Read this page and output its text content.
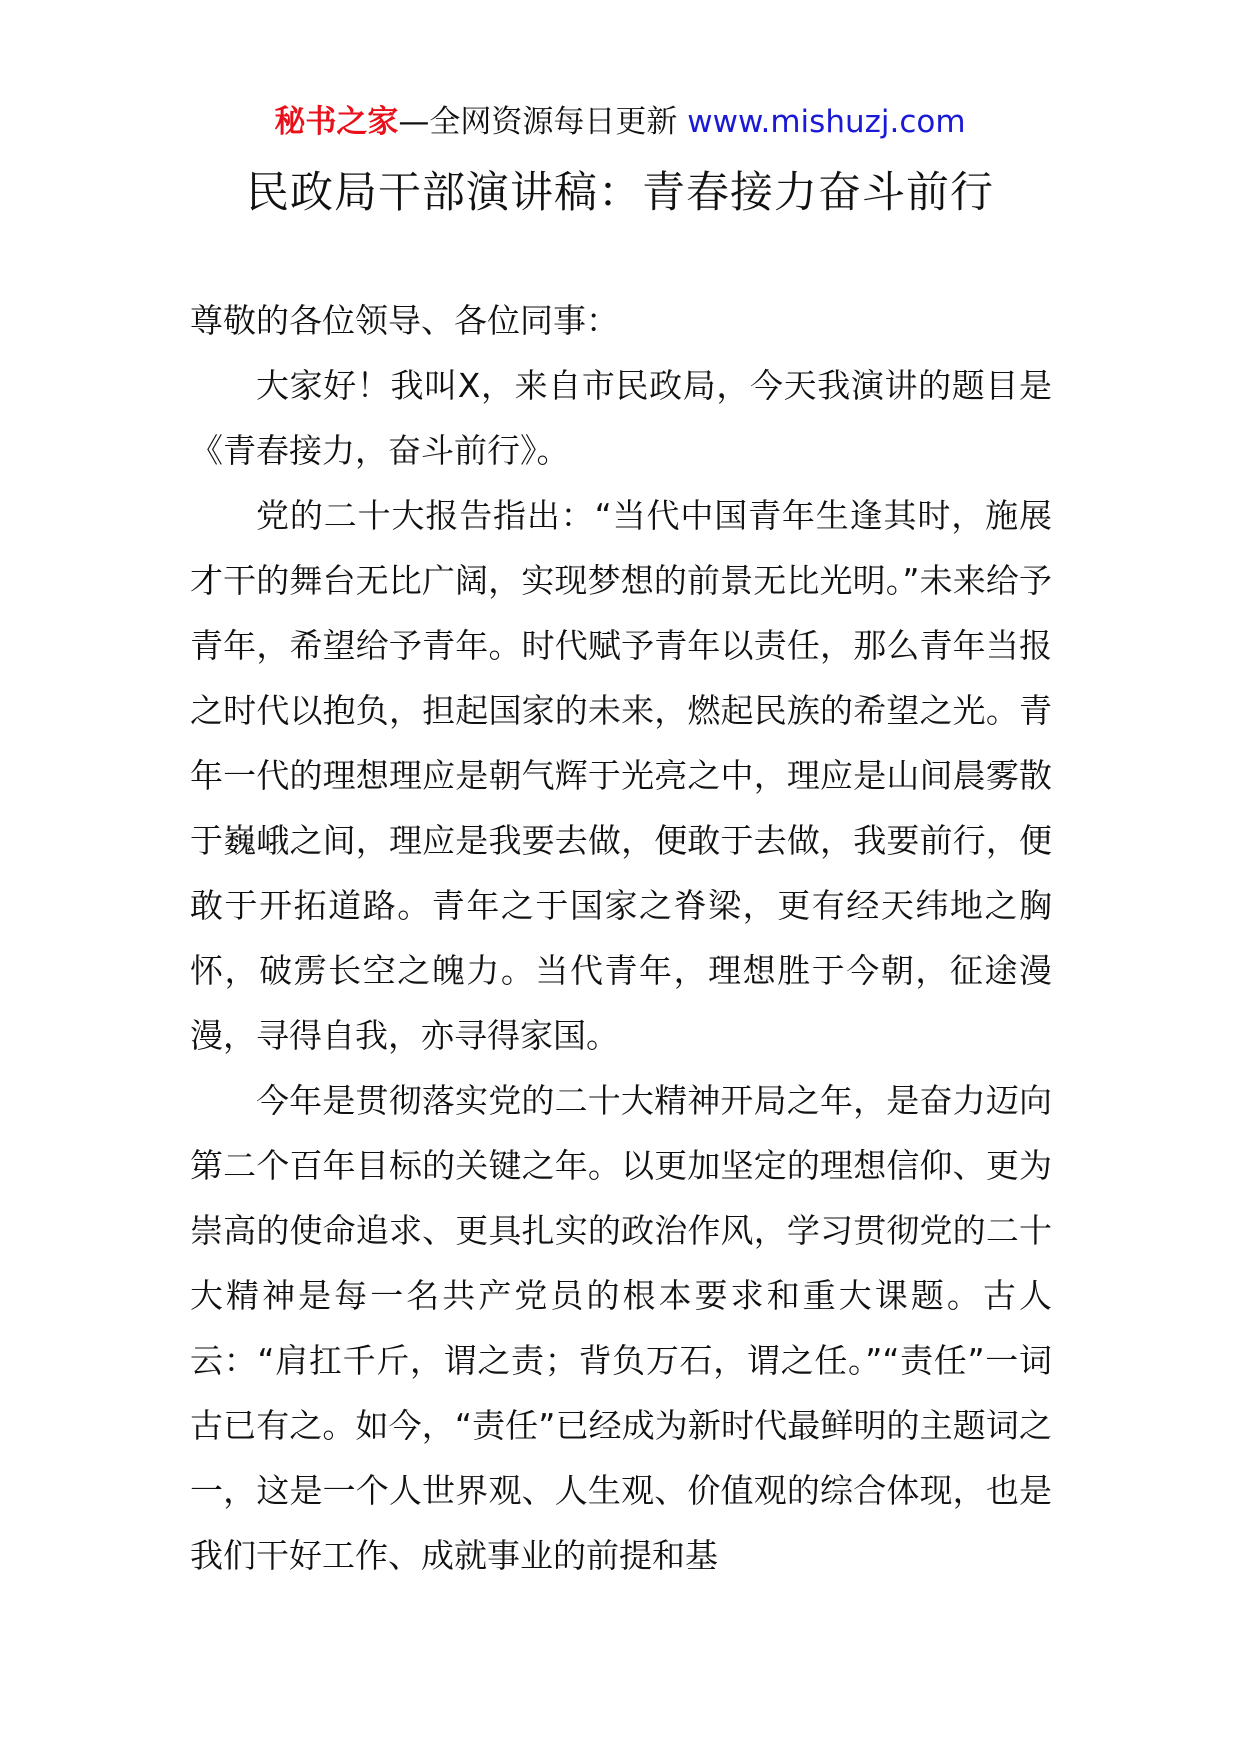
秘书之家—全网资源每日更新 www.mishuzj.com
民政局干部演讲稿：青春接力奋斗前行

尊敬的各位领导、各位同事：

大家好！我叫X，来自市民政局，今天我演讲的题目是《青春接力，奋斗前行》。

党的二十大报告指出：“当代中国青年生逢其时，施展才干的舞台无比广阔，实现梦想的前景无比光明。”未来给予青年，希望给予青年。时代赋予青年以责任，那么青年当报之时代以抱负，担起国家的未来，燃起民族的希望之光。青年一代的理想理应是朝气辉于光亮之中，理应是山间晨雾散于巍峨之间，理应是我要去做，便敢于去做，我要前行，便敢于开拓道路。青年之于国家之脊梁，更有经天纬地之胸怀，破雳长空之魄力。当代青年，理想胜于今朝，征途漫漫，寻得自我，亦寻得家国。

今年是贯彻落实党的二十大精神开局之年，是奋力迈向第二个百年目标的关键之年。以更加坚定的理想信仰、更为崇高的使命追求、更具扎实的政治作风，学习贯彻党的二十大精神是每一名共产党员的根本要求和重大课题。古人云：“肩扛千斤，谓之责；背负万石，谓之任。”“责任”一词古已有之。如今，“责任”已经成为新时代最鲜明的主题词之一，这是一个人世界观、人生观、价值观的综合体现，也是我们干好工作、成就事业的前提和基
